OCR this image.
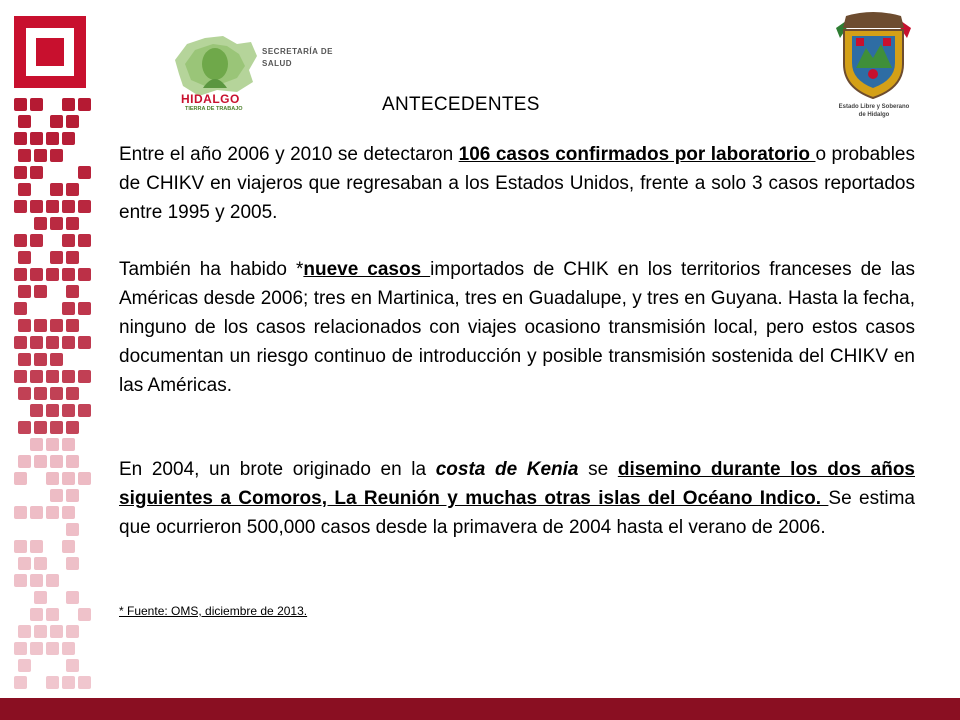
SECRETARÍA DE
SALUD
HIDALGO
TIERRA DE TRABAJO	Estado Libre y Soberano
de Hidalgo
ANTECEDENTES

Entre el año 2006 y 2010 se detectaron 106 casos confirmados por laboratorio o probables de CHIKV en viajeros que regresaban a los Estados Unidos, frente a solo 3 casos reportados entre 1995 y 2005.

También ha habido *nueve casos importados de CHIK en los territorios franceses de las Américas desde 2006; tres en Martinica, tres en Guadalupe, y tres en Guyana. Hasta la fecha, ninguno de los casos relacionados con viajes ocasiono transmisión local, pero estos casos documentan un riesgo continuo de introducción y posible transmisión sostenida del CHIKV en las Américas.

En 2004, un brote originado en la costa de Kenia se disemino durante los dos años siguientes a Comoros, La Reunión y muchas otras islas del Océano Indico. Se estima que ocurrieron 500,000 casos desde la primavera de 2004 hasta el verano de 2006.

* Fuente: OMS, diciembre de 2013.
